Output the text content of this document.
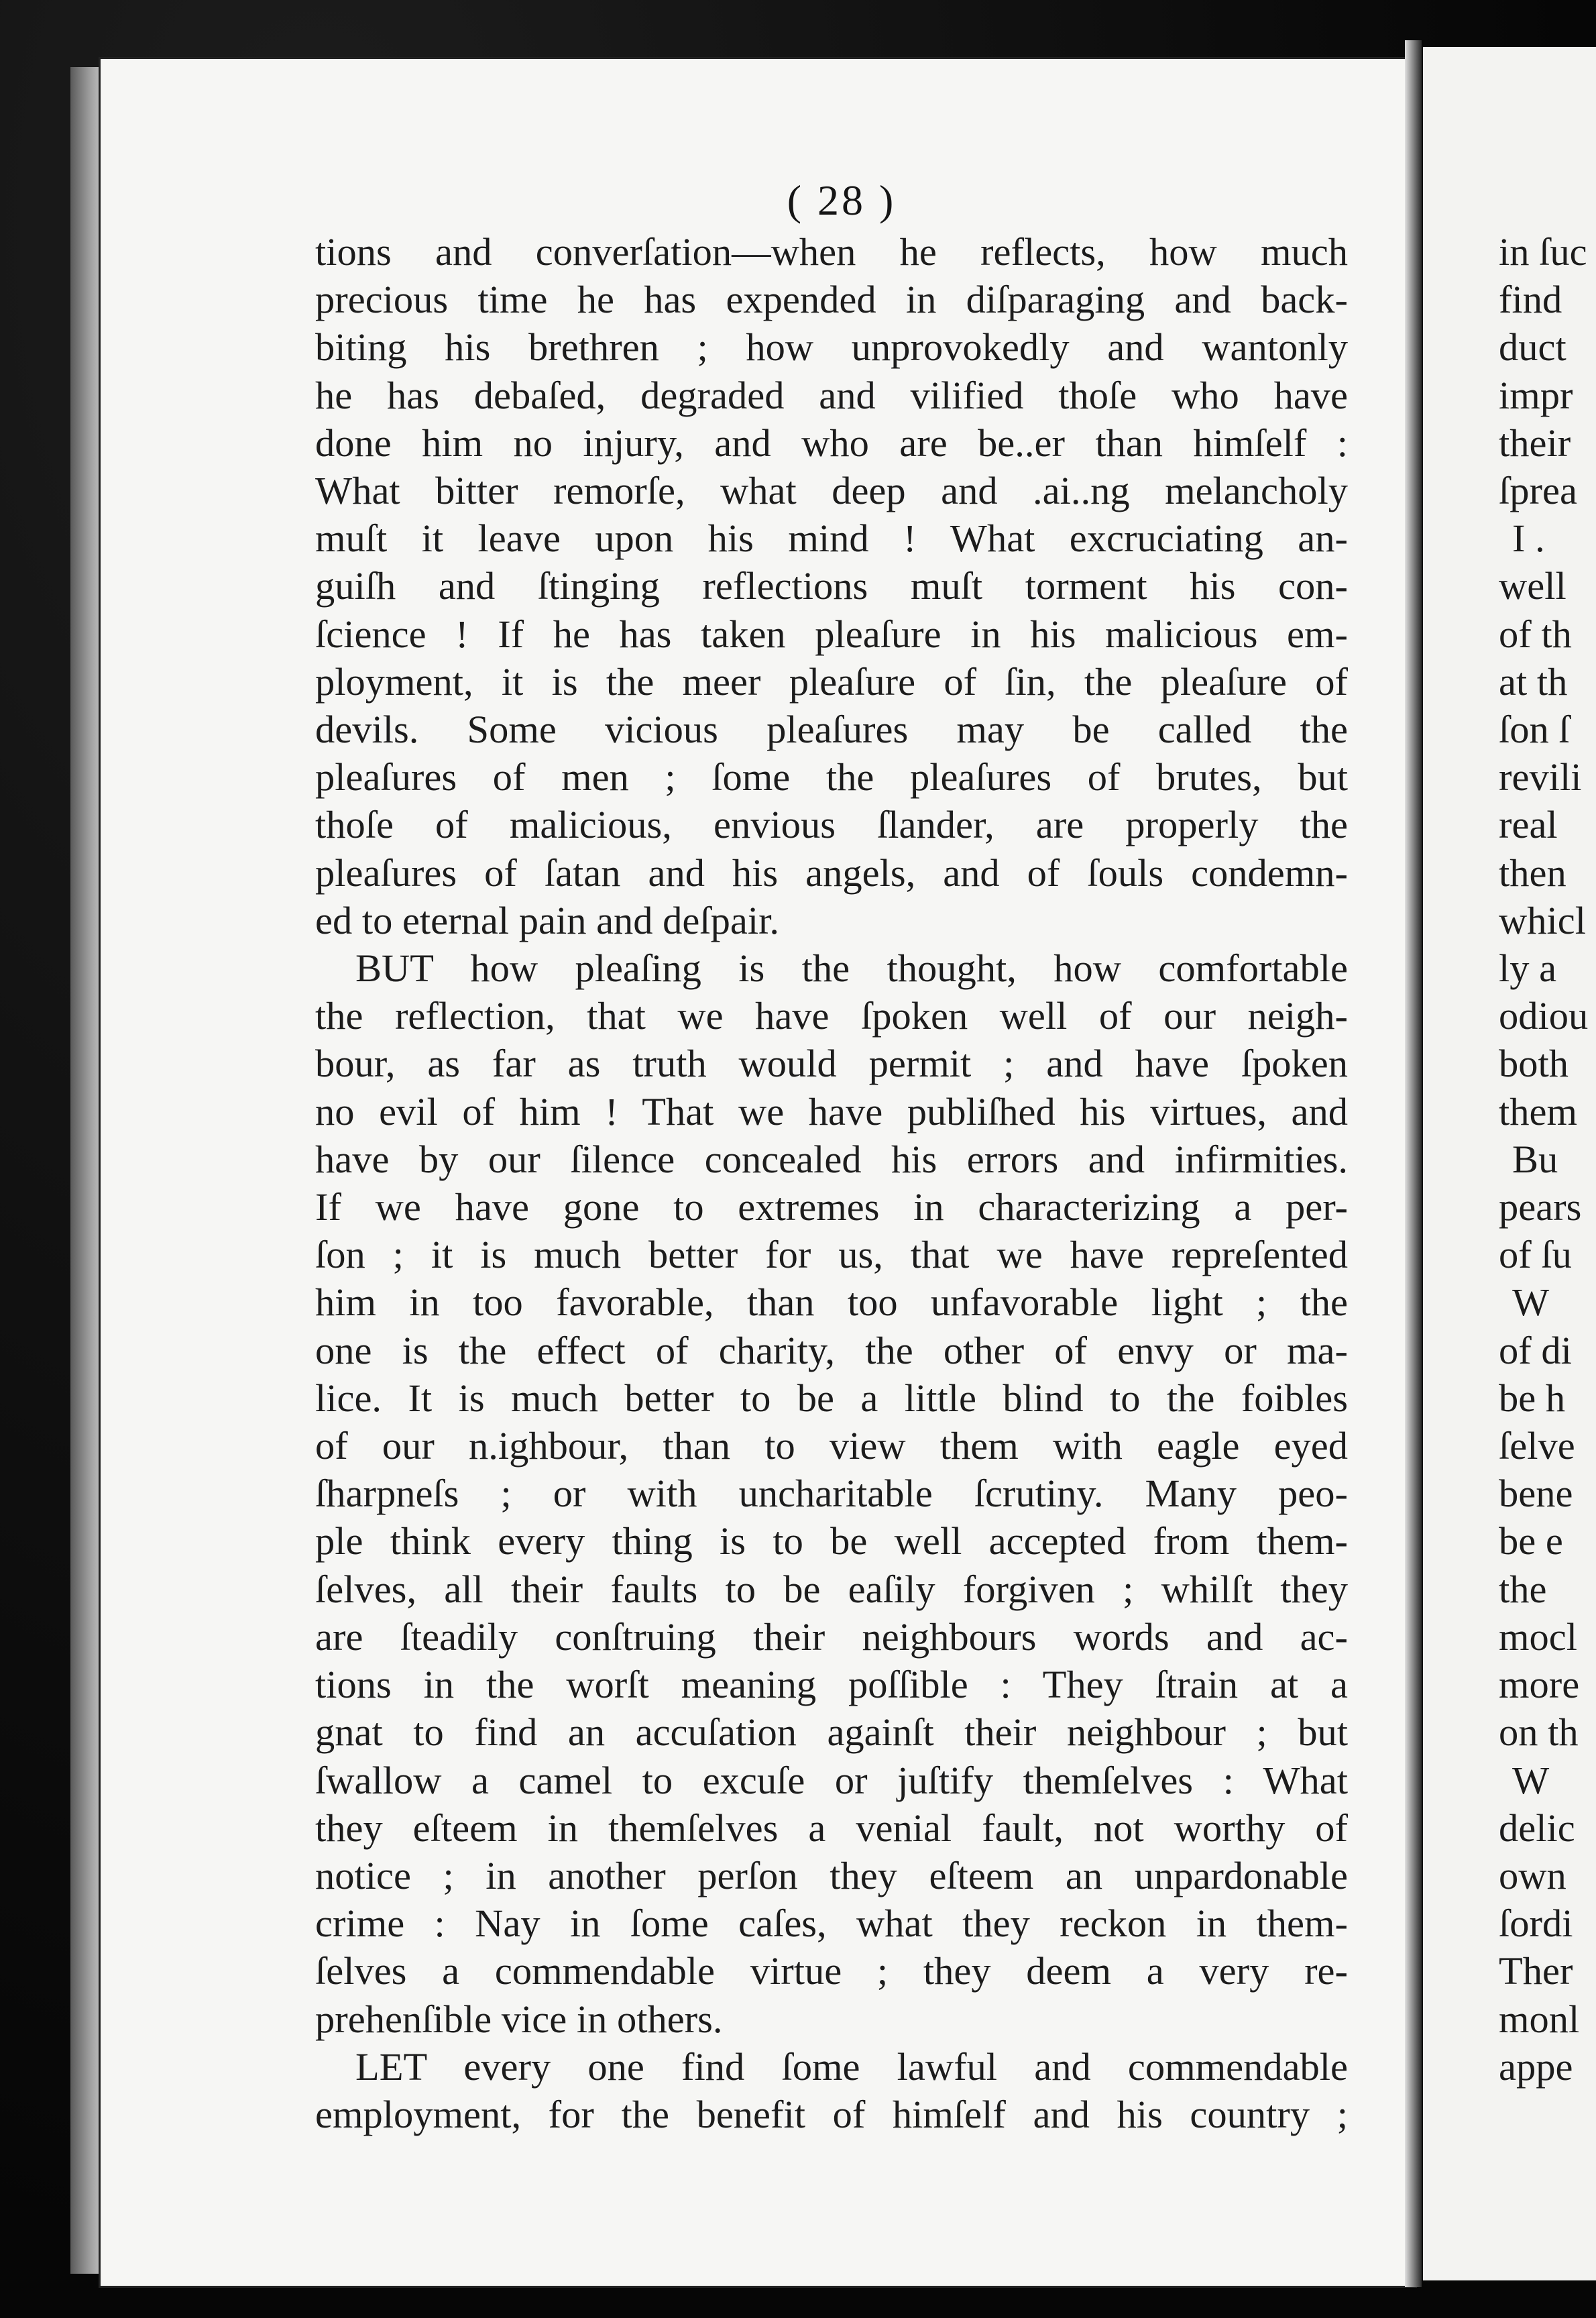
( 28 )
tions and converſation—when he reflects, how much
precious time he has expended in diſparaging and back-
biting his brethren ; how unprovokedly and wantonly
he has debaſed, degraded and vilified thoſe who have
done him no injury, and who are be..er than himſelf :
What bitter remorſe, what deep and .ai..ng melancholy
muſt it leave upon his mind ! What excruciating an-
guiſh and ſtinging reflections muſt torment his con-
ſcience ! If he has taken pleaſure in his malicious em-
ployment, it is the meer pleaſure of ſin, the pleaſure of
devils. Some vicious pleaſures may be called the
pleaſures of men ; ſome the pleaſures of brutes, but
thoſe of malicious, envious ſlander, are properly the
pleaſures of ſatan and his angels, and of ſouls condemn-
ed to eternal pain and deſpair.
BUT how pleaſing is the thought, how comfortable
the reflection, that we have ſpoken well of our neigh-
bour, as far as truth would permit ; and have ſpoken
no evil of him ! That we have publiſhed his virtues, and
have by our ſilence concealed his errors and infirmities.
If we have gone to extremes in characterizing a per-
ſon ; it is much better for us, that we have repreſented
him in too favorable, than too unfavorable light ; the
one is the effect of charity, the other of envy or ma-
lice. It is much better to be a little blind to the foibles
of our n.ighbour, than to view them with eagle eyed
ſharpneſs ; or with uncharitable ſcrutiny. Many peo-
ple think every thing is to be well accepted from them-
ſelves, all their faults to be eaſily forgiven ; whilſt they
are ſteadily conſtruing their neighbours words and ac-
tions in the worſt meaning poſſible : They ſtrain at a
gnat to find an accuſation againſt their neighbour ; but
ſwallow a camel to excuſe or juſtify themſelves : What
they eſteem in themſelves a venial fault, not worthy of
notice ; in another perſon they eſteem an unpardonable
crime : Nay in ſome caſes, what they reckon in them-
ſelves a commendable virtue ; they deem a very re-
prehenſible vice in others.
LET every one find ſome lawful and commendable
employment, for the benefit of himſelf and his country ;
in ſuc
find
duct
impr
their
ſprea
I .
well
of th
at th
ſon ſ
revili
real
then
whicl
ly a
odiou
both
them
Bu
pears
of ſu
W
of di
be h
ſelve
bene
be e
the
mocl
more
on th
W
delic
own
ſordi
Ther
monl
appe
